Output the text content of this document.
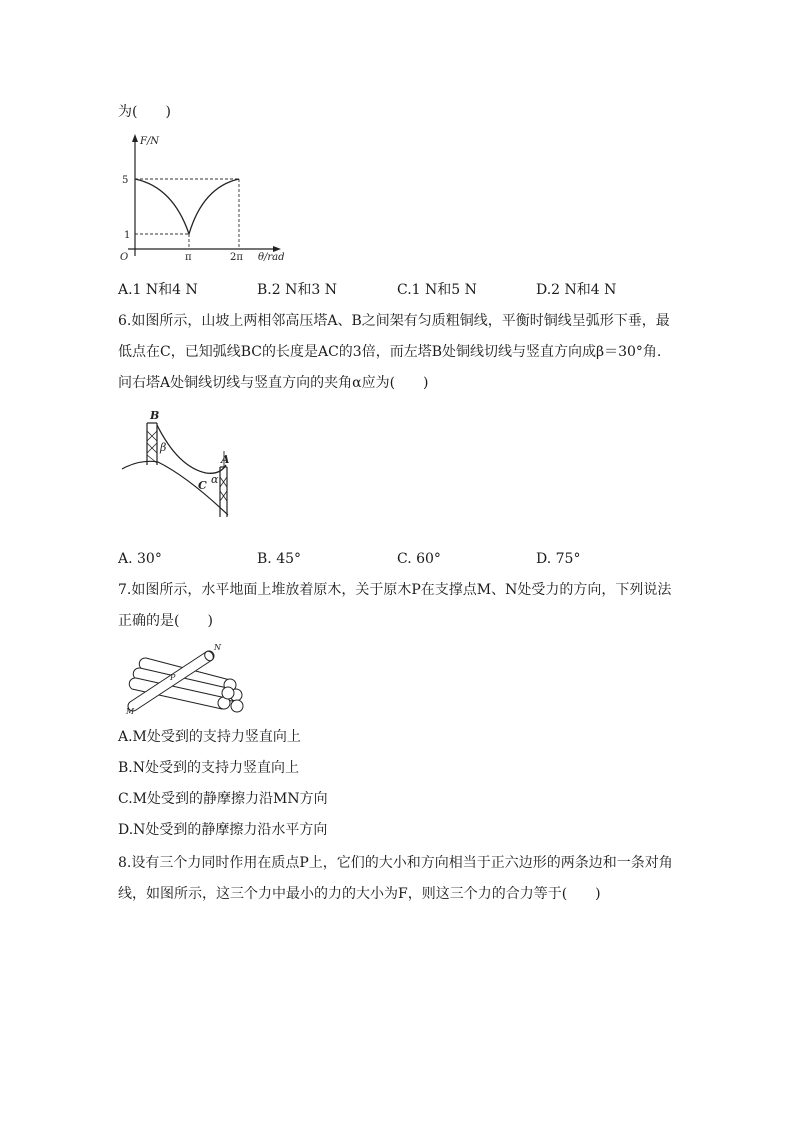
为(　　)
F/N
θ/rad
O
5
1
π	2π
A.1 N和4 N	B.2 N和3 N	C.1 N和5 N	D.2 N和4 N
6.如图所示，山坡上两相邻高压塔A、B之间架有匀质粗铜线，平衡时铜线呈弧形下垂，最
低点在C，已知弧线BC的长度是AC的3倍，而左塔B处铜线切线与竖直方向成β＝30°角.
问右塔A处铜线切线与竖直方向的夹角α应为(　　)
B
β
A
C α
A. 30°	B. 45°	C. 60°	D. 75°
7.如图所示，水平地面上堆放着原木，关于原木P在支撑点M、N处受力的方向，下列说法
正确的是(　　)
N
P
M
A.M处受到的支持力竖直向上
B.N处受到的支持力竖直向上
C.M处受到的静摩擦力沿MN方向
D.N处受到的静摩擦力沿水平方向
8.设有三个力同时作用在质点P上，它们的大小和方向相当于正六边形的两条边和一条对角
线，如图所示，这三个力中最小的力的大小为F，则这三个力的合力等于(　　)
